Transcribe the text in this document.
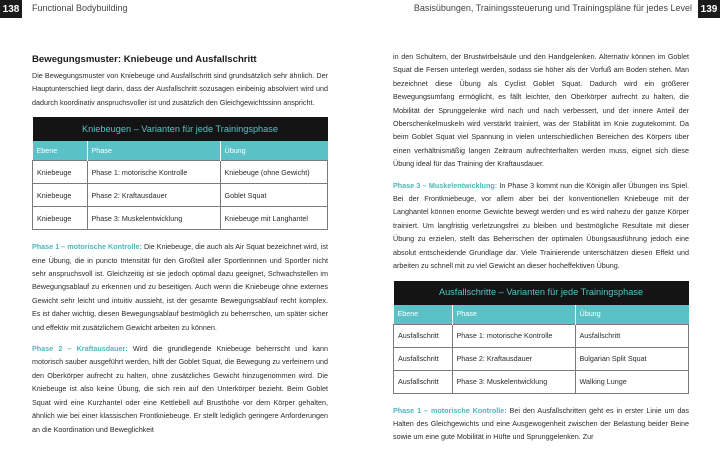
138 Functional Bodybuilding	Basisübungen, Trainingssteuerung und Trainingspläne für jedes Level 139
Bewegungsmuster: Kniebeuge und Ausfallschritt

Die Bewegungsmuster von Kniebeuge und Ausfallschritt sind grundsätzlich sehr ähnlich. Der Hauptunterschied liegt darin, dass der Ausfallschritt sozusagen einbeinig absolviert wird und dadurch koordinativ anspruchsvoller ist und zusätzlich den Gleichgewichtssinn anspricht.

Kniebeugen – Varianten für jede Trainingsphase		
Ebene	Phase	Übung
Kniebeuge	Phase 1: motorische Kontrolle	Kniebeuge (ohne Gewicht)
Kniebeuge	Phase 2: Kraftausdauer	Goblet Squat
Kniebeuge	Phase 3: Muskelentwicklung	Kniebeuge mit Langhantel

Phase 1 – motorische Kontrolle: Die Kniebeuge, die auch als Air Squat bezeichnet wird, ist eine Übung, die in puncto Intensität für den Großteil aller Sportlerinnen und Sportler nicht sehr anspruchsvoll ist. Gleichzeitig ist sie jedoch optimal dazu geeignet, Schwachstellen im Bewegungsablauf zu erkennen und zu beseitigen. Auch wenn die Kniebeuge ohne externes Gewicht sehr leicht und intuitiv aussieht, ist der gesamte Bewegungsablauf recht komplex. Es ist daher wichtig, diesen Bewegungsablauf bestmöglich zu beherrschen, um später sicher und effektiv mit zusätzlichem Gewicht arbeiten zu können.

Phase 2 – Kraftausdauer: Wird die grundlegende Kniebeuge beherrscht und kann motorisch sauber ausgeführt werden, hilft der Goblet Squat, die Bewegung zu verfeinern und den Oberkörper aufrecht zu halten, ohne zusätzliches Gewicht hinzugenommen wird. Die Kniebeuge ist also keine Übung, die sich rein auf den Unterkörper bezieht. Beim Goblet Squat wird eine Kurzhantel oder eine Kettlebell auf Brusthöhe vor dem Körper gehalten, ähnlich wie bei einer klassischen Frontkniebeuge. Er stellt lediglich geringere Anforderungen an die Koordination und Beweglichkeit

in den Schultern, der Brustwirbelsäule und den Handgelenken. Alternativ können im Goblet Squat die Fersen unterlegt werden, sodass sie höher als der Vorfuß am Boden stehen. Man bezeichnet diese Übung als Cyclist Goblet Squat. Dadurch wird ein größerer Bewegungsumfang ermöglicht, es fällt leichter, den Oberkörper aufrecht zu halten, die Mobilität der Sprunggelenke wird nach und nach verbessert, und der innere Anteil der Oberschenkelmuskeln wird verstärkt trainiert, was der Stabilität im Knie zugutekommt. Da beim Goblet Squat viel Spannung in vielen unterschiedlichen Bereichen des Körpers über einen verhältnismäßig langen Zeitraum aufrechterhalten werden muss, eignet sich diese Übung ideal für das Training der Kraftausdauer.

Phase 3 – Muskelentwicklung: In Phase 3 kommt nun die Königin aller Übungen ins Spiel. Bei der Frontkniebeuge, vor allem aber bei der konventionellen Kniebeuge mit der Langhantel können enorme Gewichte bewegt werden und es wird nahezu der ganze Körper trainiert. Um langfristig verletzungsfrei zu bleiben und bestmögliche Resultate mit dieser Übung zu erzielen, stellt das Beherrschen der optimalen Übungsausführung jedoch eine absolut entscheidende Grundlage dar. Viele Trainierende unterschätzen diesen Effekt und arbeiten zu schnell mit zu viel Gewicht an dieser hocheffektiven Übung.

Ausfallschritte – Varianten für jede Trainingsphase		
Ebene	Phase	Übung
Ausfallschritt	Phase 1: motorische Kontrolle	Ausfallschritt
Ausfallschritt	Phase 2: Kraftausdauer	Bulgarian Split Squat
Ausfallschritt	Phase 3: Muskelentwicklung	Walking Lunge

Phase 1 – motorische Kontrolle: Bei den Ausfallschritten geht es in erster Linie um das Halten des Gleichgewichts und eine Ausgewogenheit zwischen der Belastung beider Beine sowie um eine gute Mobilität in Hüfte und Sprunggelenken. Zur
